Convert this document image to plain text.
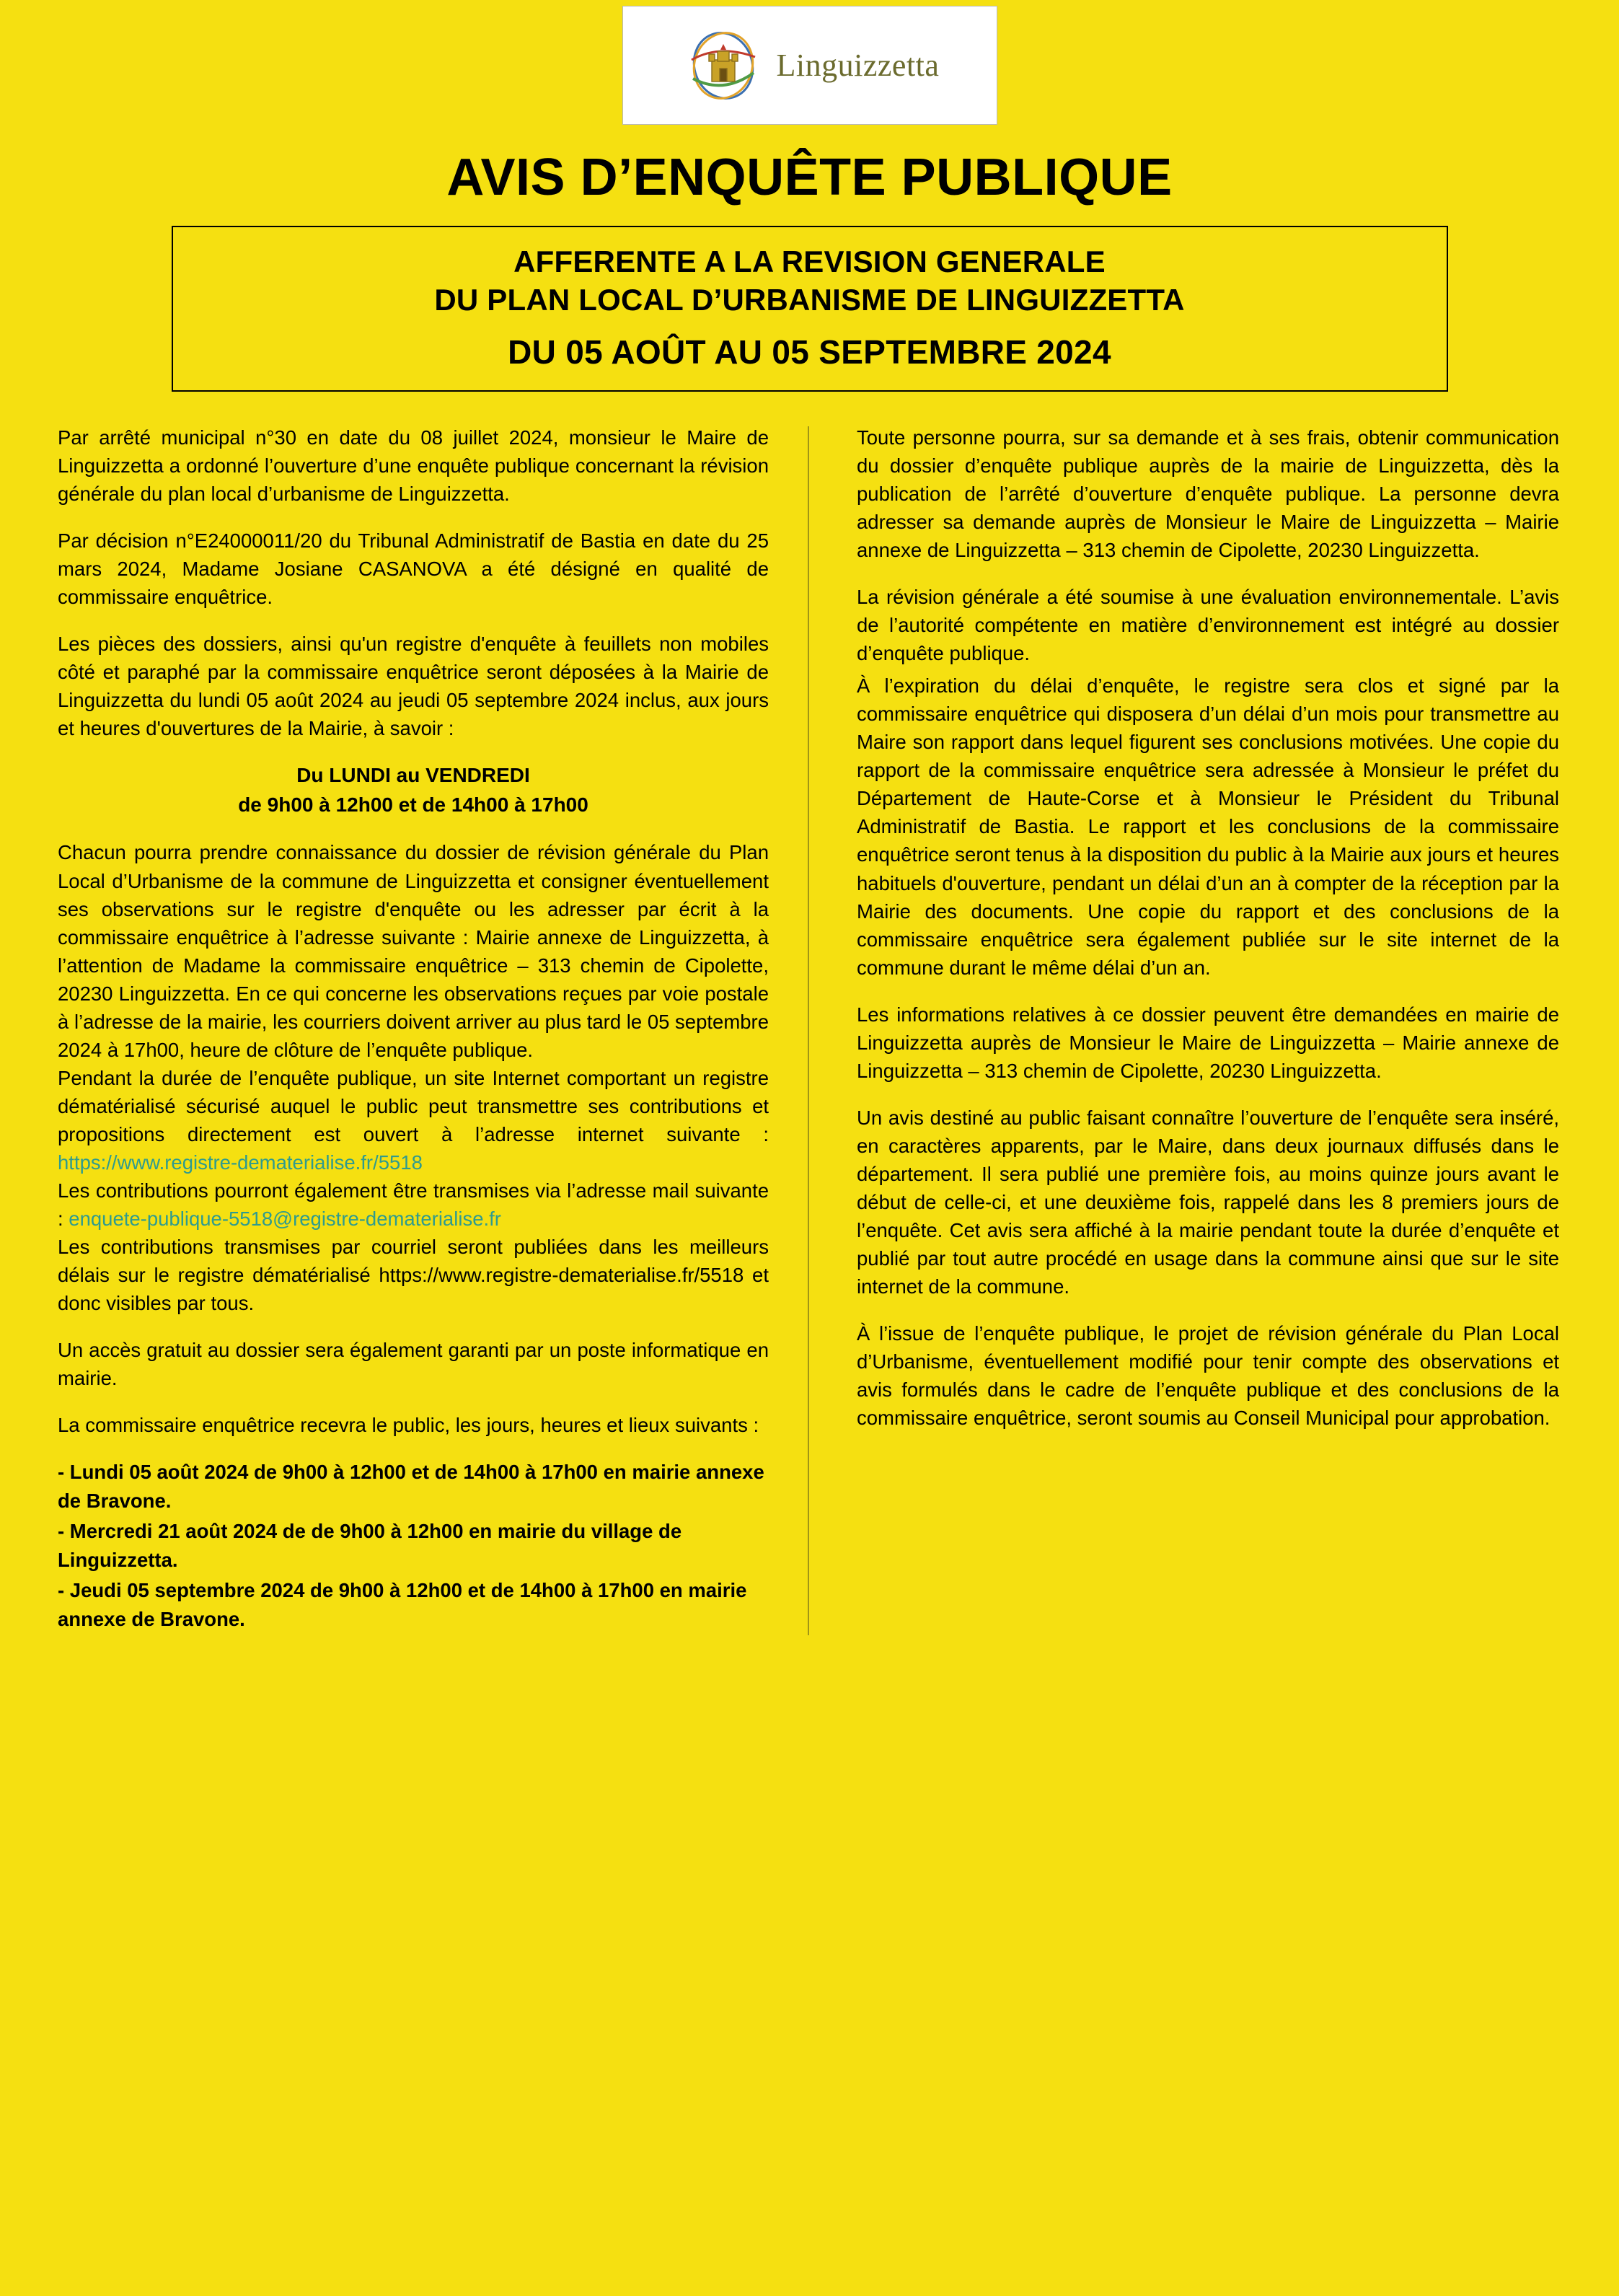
Linguizzetta
AVIS D’ENQUÊTE PUBLIQUE
AFFERENTE A LA REVISION GENERALE
DU PLAN LOCAL D’URBANISME DE LINGUIZZETTA
DU 05 AOÛT AU 05 SEPTEMBRE 2024

Par arrêté municipal n°30 en date du 08 juillet 2024, monsieur le Maire de Linguizzetta a ordonné l’ouverture d’une enquête publique concernant la révision générale du plan local d’urbanisme de Linguizzetta.

Par décision n°E24000011/20 du Tribunal Administratif de Bastia en date du 25 mars 2024, Madame Josiane CASANOVA a été désigné en qualité de commissaire enquêtrice.

Les pièces des dossiers, ainsi qu'un registre d'enquête à feuillets non mobiles côté et paraphé par la commissaire enquêtrice seront déposées à la Mairie de Linguizzetta du lundi 05 août 2024 au jeudi 05 septembre 2024 inclus, aux jours et heures d'ouvertures de la Mairie, à savoir :

Du LUNDI au VENDREDI
de 9h00 à 12h00 et de 14h00 à 17h00

Chacun pourra prendre connaissance du dossier de révision générale du Plan Local d’Urbanisme de la commune de Linguizzetta et consigner éventuellement ses observations sur le registre d'enquête ou les adresser par écrit à la commissaire enquêtrice à l’adresse suivante : Mairie annexe de Linguizzetta, à l’attention de Madame la commissaire enquêtrice – 313 chemin de Cipolette, 20230 Linguizzetta. En ce qui concerne les observations reçues par voie postale à l’adresse de la mairie, les courriers doivent arriver au plus tard le 05 septembre 2024 à 17h00, heure de clôture de l’enquête publique.

Pendant la durée de l’enquête publique, un site Internet comportant un registre dématérialisé sécurisé auquel le public peut transmettre ses contributions et propositions directement est ouvert à l’adresse internet suivante : https://www.registre-dematerialise.fr/5518

Les contributions pourront également être transmises via l’adresse mail suivante : enquete-publique-5518@registre-dematerialise.fr

Les contributions transmises par courriel seront publiées dans les meilleurs délais sur le registre dématérialisé https://www.registre-dematerialise.fr/5518 et donc visibles par tous.

Un accès gratuit au dossier sera également garanti par un poste informatique en mairie.

La commissaire enquêtrice recevra le public, les jours, heures et lieux suivants :

- Lundi 05 août 2024 de 9h00 à 12h00 et de 14h00 à 17h00 en mairie annexe de Bravone.
- Mercredi 21 août 2024 de de 9h00 à 12h00 en mairie du village de Linguizzetta.
- Jeudi 05 septembre 2024 de 9h00 à 12h00 et de 14h00 à 17h00 en mairie annexe de Bravone.

Toute personne pourra, sur sa demande et à ses frais, obtenir communication du dossier d’enquête publique auprès de la mairie de Linguizzetta, dès la publication de l’arrêté d’ouverture d’enquête publique. La personne devra adresser sa demande auprès de Monsieur le Maire de Linguizzetta – Mairie annexe de Linguizzetta – 313 chemin de Cipolette, 20230 Linguizzetta.

La révision générale a été soumise à une évaluation environnementale. L’avis de l’autorité compétente en matière d’environnement est intégré au dossier d’enquête publique.

À l’expiration du délai d’enquête, le registre sera clos et signé par la commissaire enquêtrice qui disposera d’un délai d’un mois pour transmettre au Maire son rapport dans lequel figurent ses conclusions motivées. Une copie du rapport de la commissaire enquêtrice sera adressée à Monsieur le préfet du Département de Haute-Corse et à Monsieur le Président du Tribunal Administratif de Bastia. Le rapport et les conclusions de la commissaire enquêtrice seront tenus à la disposition du public à la Mairie aux jours et heures habituels d'ouverture, pendant un délai d’un an à compter de la réception par la Mairie des documents. Une copie du rapport et des conclusions de la commissaire enquêtrice sera également publiée sur le site internet de la commune durant le même délai d’un an.

Les informations relatives à ce dossier peuvent être demandées en mairie de Linguizzetta auprès de Monsieur le Maire de Linguizzetta – Mairie annexe de Linguizzetta – 313 chemin de Cipolette, 20230 Linguizzetta.

Un avis destiné au public faisant connaître l’ouverture de l’enquête sera inséré, en caractères apparents, par le Maire, dans deux journaux diffusés dans le département. Il sera publié une première fois, au moins quinze jours avant le début de celle-ci, et une deuxième fois, rappelé dans les 8 premiers jours de l’enquête. Cet avis sera affiché à la mairie pendant toute la durée d’enquête et publié par tout autre procédé en usage dans la commune ainsi que sur le site internet de la commune.

À l’issue de l’enquête publique, le projet de révision générale du Plan Local d’Urbanisme, éventuellement modifié pour tenir compte des observations et avis formulés dans le cadre de l’enquête publique et des conclusions de la commissaire enquêtrice, seront soumis au Conseil Municipal pour approbation.
